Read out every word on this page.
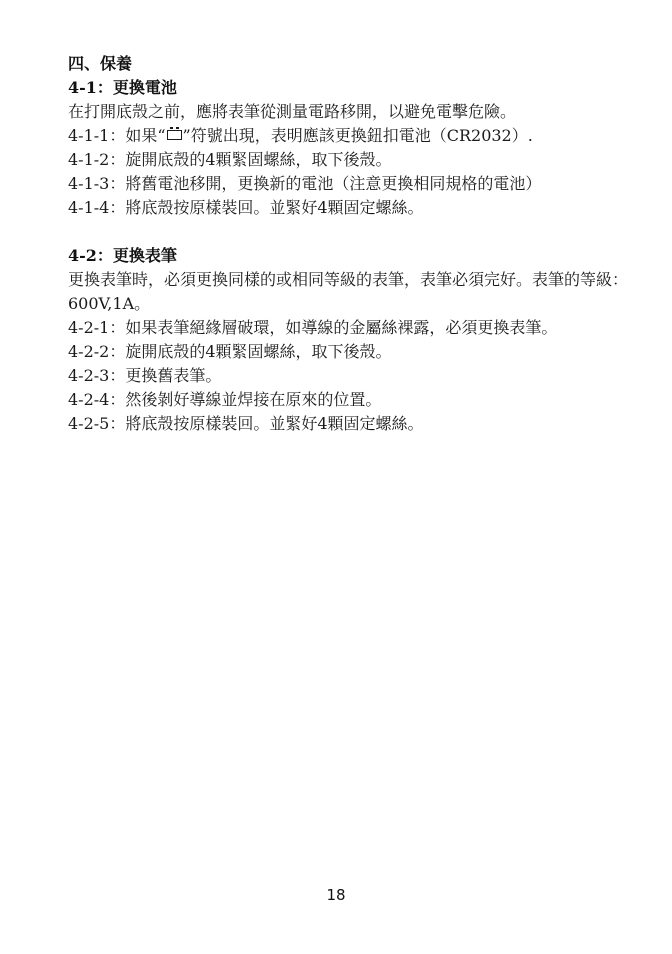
四、保養

4-1：更換電池

在打開底殼之前，應將表筆從測量電路移開，以避免電擊危險。

4-1-1：如果“ ”符號出現，表明應該更換鈕扣電池（CR2032）.

4-1-2：旋開底殼的4顆緊固螺絲，取下後殼。

4-1-3：將舊電池移開，更換新的電池（注意更換相同規格的電池）

4-1-4：將底殼按原樣裝回。並緊好4顆固定螺絲。

4-2：更換表筆

更換表筆時，必須更換同樣的或相同等級的表筆，表筆必須完好。表筆的等級：600V,1A。

4-2-1：如果表筆絕緣層破環，如導線的金屬絲裸露，必須更換表筆。

4-2-2：旋開底殼的4顆緊固螺絲，取下後殼。

4-2-3：更換舊表筆。

4-2-4：然後剝好導線並焊接在原來的位置。

4-2-5：將底殼按原樣裝回。並緊好4顆固定螺絲。

18
